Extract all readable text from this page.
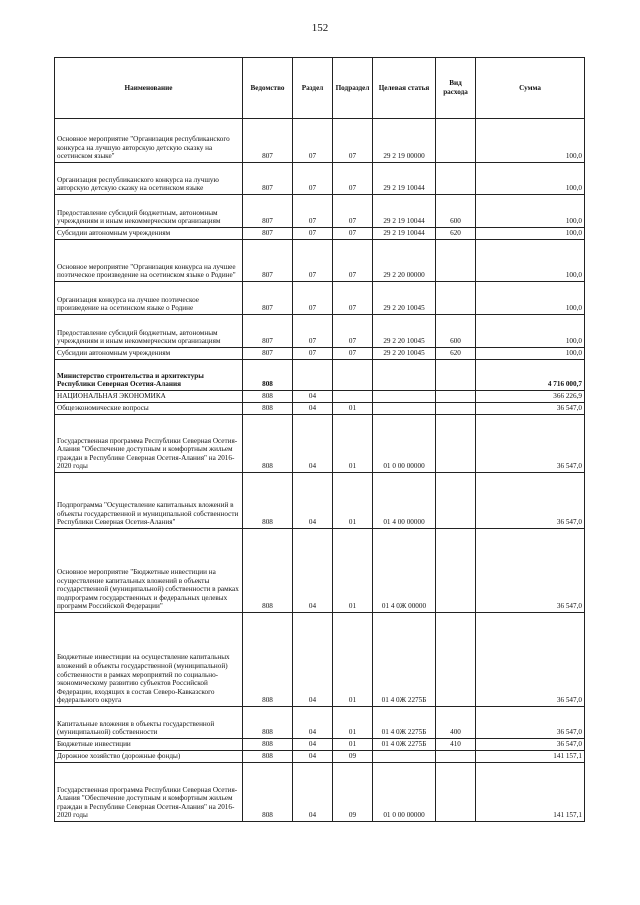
152
Наименование	Ведомство	Раздел	Подраздел	Целевая статья	Вид расхода	Сумма
Основное мероприятие "Организация республиканского конкурса на лучшую авторскую детскую сказку на осетинском языке"	807	07	07	29 2 19 00000		100,0
Организация республиканского конкурса на лучшую авторскую детскую сказку на осетинском языке	807	07	07	29 2 19 10044		100,0
Предоставление субсидий бюджетным, автономным учреждениям и иным некоммерческим организациям	807	07	07	29 2 19 10044	600	100,0
Субсидии автономным учреждениям	807	07	07	29 2 19 10044	620	100,0
Основное мероприятие "Организация конкурса на лучшее поэтическое произведение на осетинском языке о Родине"	807	07	07	29 2 20 00000		100,0
Организация конкурса на лучшее поэтическое произведение на осетинском языке о Родине	807	07	07	29 2 20 10045		100,0
Предоставление субсидий бюджетным, автономным учреждениям и иным некоммерческим организациям	807	07	07	29 2 20 10045	600	100,0
Субсидии автономным учреждениям	807	07	07	29 2 20 10045	620	100,0
Министерство строительства и архитектуры Республики Северная Осетия-Алания	808					4 716 000,7
НАЦИОНАЛЬНАЯ ЭКОНОМИКА	808	04				366 226,9
Общеэкономические вопросы	808	04	01			36 547,0
Государственная программа Республики Северная Осетия-Алания "Обеспечение доступным и комфортным жильем граждан в Республике Северная Осетия-Алания" на 2016-2020 годы	808	04	01	01 0 00 00000		36 547,0
Подпрограмма "Осуществление капитальных вложений в объекты государственной и муниципальной собственности Республики Северная Осетия-Алания"	808	04	01	01 4 00 00000		36 547,0
Основное мероприятие "Бюджетные инвестиции на осуществление капитальных вложений в объекты государственной (муниципальной) собственности в рамках подпрограмм государственных и федеральных целевых программ Российской Федерации"	808	04	01	01 4 0Ж 00000		36 547,0
Бюджетные инвестиции на осуществление капитальных вложений в объекты государственной (муниципальной) собственности в рамках мероприятий по социально-экономическому развитию субъектов Российской Федерации, входящих в состав Северо-Кавказского федерального округа	808	04	01	01 4 0Ж 2275Б		36 547,0
Капитальные вложения в объекты государственной (муниципальной) собственности	808	04	01	01 4 0Ж 2275Б	400	36 547,0
Бюджетные инвестиции	808	04	01	01 4 0Ж 2275Б	410	36 547,0
Дорожное хозяйство (дорожные фонды)	808	04	09			141 157,1
Государственная программа Республики Северная Осетия-Алания "Обеспечение доступным и комфортным жильем граждан в Республике Северная Осетия-Алания" на 2016-2020 годы	808	04	09	01 0 00 00000		141 157,1
